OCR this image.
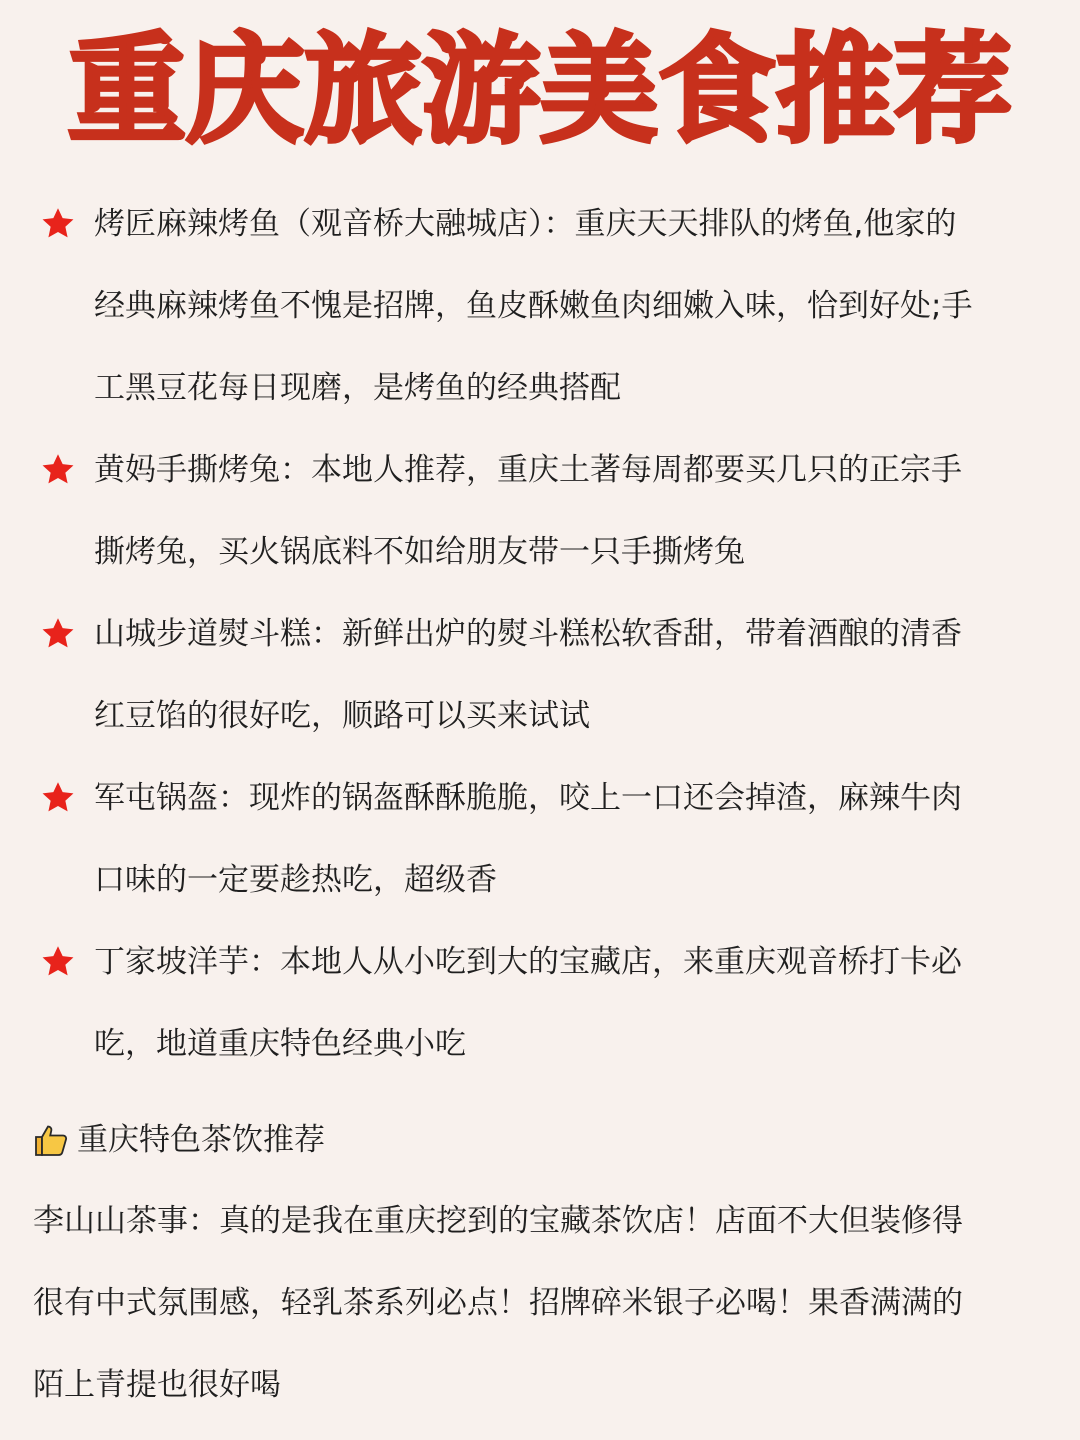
重庆旅游美食推荐
烤匠麻辣烤鱼（观音桥大融城店）：重庆天天排队的烤鱼,他家的
经典麻辣烤鱼不愧是招牌，鱼皮酥嫩鱼肉细嫩入味，恰到好处;手
工黑豆花每日现磨，是烤鱼的经典搭配
黄妈手撕烤兔：本地人推荐，重庆土著每周都要买几只的正宗手
撕烤兔，买火锅底料不如给朋友带一只手撕烤兔
山城步道熨斗糕：新鲜出炉的熨斗糕松软香甜，带着酒酿的清香
红豆馅的很好吃，顺路可以买来试试
军屯锅盔：现炸的锅盔酥酥脆脆，咬上一口还会掉渣，麻辣牛肉
口味的一定要趁热吃，超级香
丁家坡洋芋：本地人从小吃到大的宝藏店，来重庆观音桥打卡必
吃，地道重庆特色经典小吃
重庆特色茶饮推荐
李山山茶事：真的是我在重庆挖到的宝藏茶饮店！店面不大但装修得
很有中式氛围感，轻乳茶系列必点！招牌碎米银子必喝！果香满满的
陌上青提也很好喝
